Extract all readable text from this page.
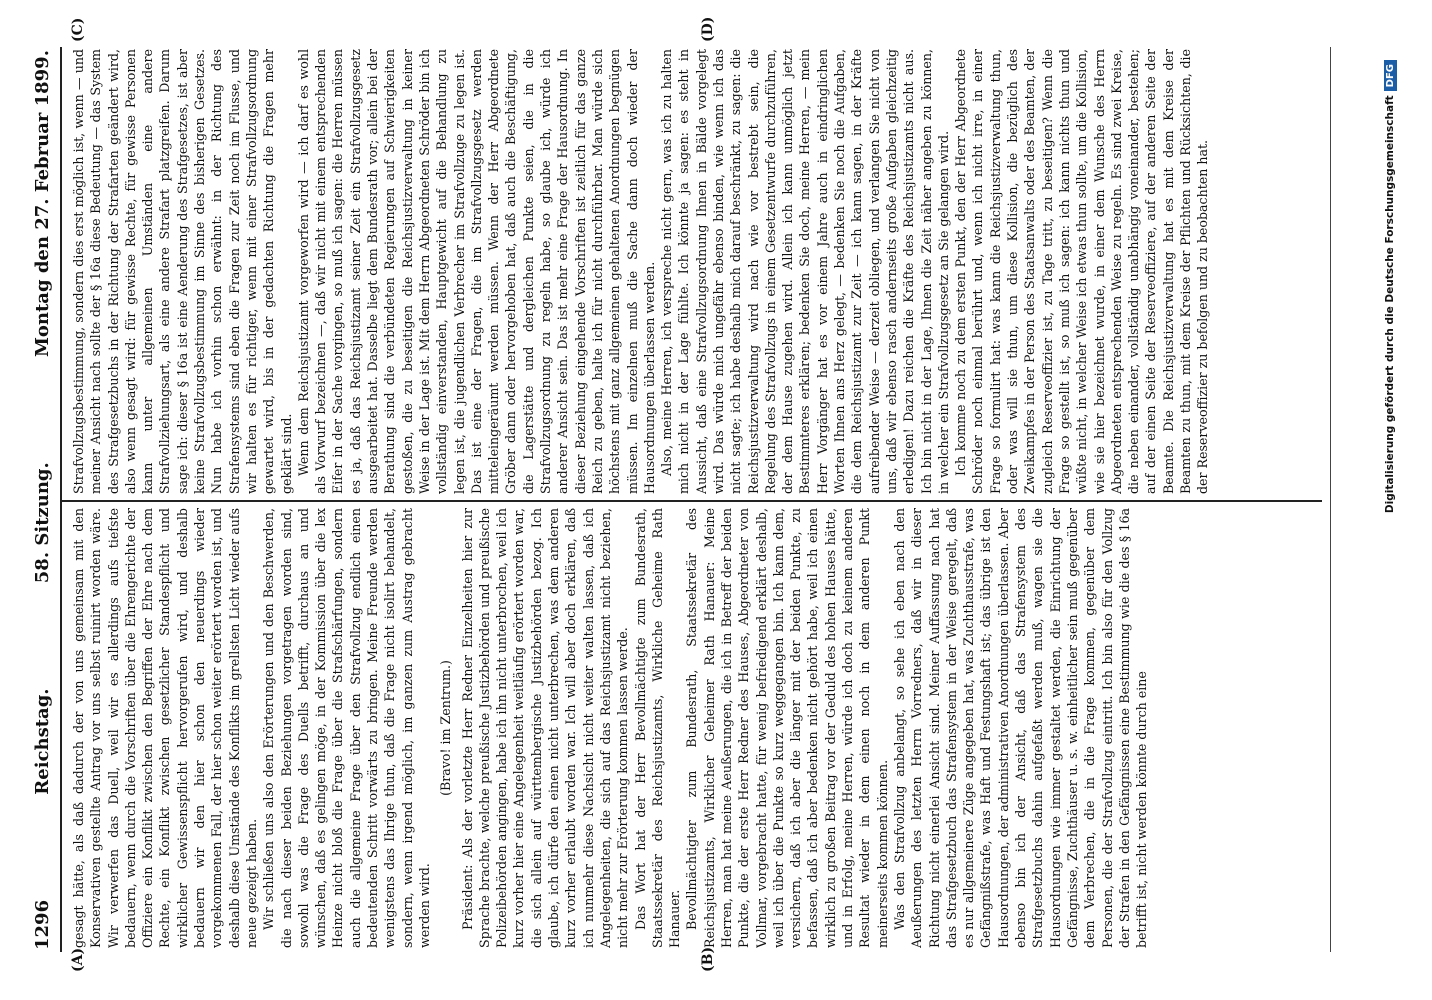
1296
Reichstag.
58. Sitzung.
Montag den 27. Februar 1899.
(A)	(B)
(C)	(D)

gesagt hätte, als daß dadurch der von uns gemeinsam mit den Konservativen gestellte Antrag vor uns selbst ruinirt worden wäre. Wir verwerfen das Duell, weil wir es allerdings aufs tiefste bedauern, wenn durch die Vorschriften über die Ehrengerichte der Offiziere ein Konflikt zwischen den Begriffen der Ehre nach dem Rechte, ein Konflikt zwischen gesetzlicher Standespflicht und wirklicher Gewissenspflicht hervorgerufen wird, und deshalb bedauern wir den hier schon den neuerdings wieder vorgekommenen Fall, der hier schon weiter erörtert worden ist, und deshalb diese Umstände des Konflikts im grellsten Licht wieder aufs neue gezeigt haben. Wir schließen uns also den Erörterungen und den Beschwerden, die nach dieser beiden Beziehungen vorgetragen worden sind, sowohl was die Frage des Duells betrifft, durchaus an und wünschen, daß es gelingen möge, in der Kommission über die lex Heinze nicht bloß die Frage über die Strafschärfungen, sondern auch die allgemeine Frage über den Strafvollzug endlich einen bedeutenden Schritt vorwärts zu bringen. Meine Freunde werden wenigstens das Ihrige thun, daß die Frage nicht isolirt behandelt, sondern, wenn irgend möglich, im ganzen zum Austrag gebracht werden wird.

(Bravo! im Zentrum.) Präsident: Als der vorletzte Herr Redner Einzelheiten hier zur Sprache brachte, welche preußische Justizbehörden und preußische Polizeibehörden angingen, habe ich ihn nicht unterbrochen, weil ich kurz vorher hier eine Angelegenheit weitläufig erörtert worden war, die sich allein auf württembergische Justizbehörden bezog. Ich glaube, ich dürfe den einen nicht unterbrechen, was dem anderen kurz vorher erlaubt worden war. Ich will aber doch erklären, daß ich nunmehr diese Nachsicht nicht weiter walten lassen, daß ich Angelegenheiten, die sich auf das Reichsjustizamt nicht beziehen, nicht mehr zur Erörterung kommen lassen werde. Das Wort hat der Herr Bevollmächtigte zum Bundesrath, Staatssekretär des Reichsjustizamts, Wirkliche Geheime Rath Hanauer. Bevollmächtigter zum Bundesrath, Staatssekretär des Reichsjustizamts, Wirklicher Geheimer Rath Hanauer: Meine Herren, man hat meine Aeußerungen, die ich in Betreff der beiden Punkte, die der erste Herr Redner des Hauses, Abgeordneter von Vollmar, vorgebracht hatte, für wenig befriedigend erklärt deshalb, weil ich über die Punkte so kurz weggegangen bin. Ich kann dem, versichern, daß ich aber die länger mit der beiden Punkte, zu befassen, daß ich aber bedenken nicht gehört habe, weil ich einen wirklich zu großen Beitrag vor der Geduld des hohen Hauses hätte, und in Erfolg, meine Herren, würde ich doch zu keinem anderen Resultat wieder in dem einen noch in dem anderen Punkt meinerseits kommen können. Was den Strafvollzug anbelangt, so sehe ich eben nach den Aeußerungen des letzten Herrn Vorredners, daß wir in dieser Richtung nicht einerlei Ansicht sind. Meiner Auffassung nach hat das Strafgesetzbuch das Strafensystem in der Weise geregelt, daß es nur allgemeinere Züge angegeben hat, was Zuchthausstrafe, was Gefängnißstrafe, was Haft und Festungshaft ist; das übrige ist den Hausordnungen, der administrativen Anordnungen überlassen. Aber ebenso bin ich der Ansicht, daß das Strafensystem des Strafgesetzbuchs dahin aufgefaßt werden muß, wagen sie die Hausordnungen wie immer gestaltet werden, die Einrichtung der Gefängnisse, Zuchthäuser u. s. w. einheitlicher sein muß gegenüber dem Verbrechen, die in die Frage kommen, gegenüber dem Personen, die der Strafvollzug eintritt. Ich bin also für den Vollzug der Strafen in den Gefängnissen eine Bestimmung wie die des § 16a betrifft ist, nicht werden könnte durch eine

Strafvollzugsbestimmung, sondern dies erst möglich ist, wenn — und meiner Ansicht nach sollte der § 16a diese Bedeutung — das System des Strafgesetzbuchs in der Richtung der Strafarten geändert wird, also wenn gesagt wird: für gewisse Rechte, für gewisse Personen kann unter allgemeinen Umständen eine andere Strafvollziehungsart, als eine andere Strafart platzgreifen. Darum sage ich: dieser § 16a ist eine Aenderung des Strafgesetzes, ist aber keine Strafvollzugsbestimmung im Sinne des bisherigen Gesetzes. Nun habe ich vorhin schon erwähnt: in der Richtung des Strafensystems sind eben die Fragen zur Zeit noch im Flusse, und wir halten es für richtiger, wenn mit einer Strafvollzugsordnung gewartet wird, bis in der gedachten Richtung die Fragen mehr geklärt sind. Wenn dem Reichsjustizamt vorgeworfen wird — ich darf es wohl als Vorwurf bezeichnen —, daß wir nicht mit einem entsprechenden Eifer in der Sache vorgingen, so muß ich sagen: die Herren müssen es ja, daß das Reichsjustizamt seiner Zeit ein Strafvollzugsgesetz ausgearbeitet hat. Dasselbe liegt dem Bundesrath vor; allein bei der Berathung sind die verbündeten Regierungen auf Schwierigkeiten gestoßen, die zu beseitigen die Reichsjustizverwaltung in keiner Weise in der Lage ist. Mit dem Herrn Abgeordneten Schröder bin ich vollständig einverstanden, Hauptgewicht auf die Behandlung zu legen ist, die jugendlichen Verbrecher im Strafvollzuge zu legen ist. Das ist eine der Fragen, die im Strafvollzugsgesetz werden mitteleingeräumt werden müssen. Wenn der Herr Abgeordnete Gröber dann oder hervorgehoben hat, daß auch die Beschäftigung, die Lagerstätte und dergleichen Punkte seien, die in die Strafvollzugsordnung zu regeln habe, so glaube ich, würde ich anderer Ansicht sein. Das ist mehr eine Frage der Hausordnung. In dieser Beziehung eingehende Vorschriften ist zeitlich für das ganze Reich zu geben, halte ich für nicht durchführbar. Man würde sich höchstens mit ganz allgemeinen gehaltenen Anordnungen begnügen müssen. Im einzelnen muß die Sache dann doch wieder der Hausordnungen überlassen werden. Also, meine Herren, ich verspreche nicht gern, was ich zu halten mich nicht in der Lage fühlte. Ich könnte ja sagen: es steht in Aussicht, daß eine Strafvollzugsordnung Ihnen in Bälde vorgelegt wird. Das würde mich ungefähr ebenso binden, wie wenn ich das nicht sagte; ich habe deshalb mich darauf beschränkt, zu sagen: die Reichsjustizverwaltung wird nach wie vor bestrebt sein, die Regelung des Strafvollzugs in einem Gesetzentwurfe durchzuführen, der dem Hause zugehen wird. Allein ich kann unmöglich jetzt Bestimmteres erklären; bedenken Sie doch, meine Herren, — mein Herr Vorgänger hat es vor einem Jahre auch in eindringlichen Worten Ihnen ans Herz gelegt, — bedenken Sie noch die Aufgaben, die dem Reichsjustizamt zur Zeit — ich kann sagen, in der Kräfte aufreibender Weise — derzeit obliegen, und verlangen Sie nicht von uns, daß wir ebenso rasch andernseits große Aufgaben gleichzeitig erledigen! Dazu reichen die Kräfte des Reichsjustizamts nicht aus. Ich bin nicht in der Lage, Ihnen die Zeit näher angeben zu können, in welcher ein Strafvollzugsgesetz an Sie gelangen wird. Ich komme noch zu dem ersten Punkt, den der Herr Abgeordnete Schröder noch einmal berührt und, wenn ich nicht irre, in einer Frage so formulirt hat: was kann die Reichsjustizverwaltung thun, oder was will sie thun, um diese Kollision, die bezüglich des Zweikampfes in der Person des Staatsanwalts oder des Beamten, der zugleich Reserveoffizier ist, zu Tage tritt, zu beseitigen? Wenn die Frage so gestellt ist, so muß ich sagen: ich kann nichts thun und wüßte nicht, in welcher Weise ich etwas thun sollte, um die Kollision, wie sie hier bezeichnet wurde, in einer dem Wunsche des Herrn Abgeordneten entsprechenden Weise zu regeln. Es sind zwei Kreise, die neben einander, vollständig unabhängig voneinander, bestehen; auf der einen Seite der Reserveoffiziere, auf der anderen Seite der Beamte. Die Reichsjustizverwaltung hat es mit dem Kreise der Beamten zu thun, mit dem Kreise der Pflichten und Rücksichten, die der Reserveoffizier zu befolgen und zu beobachten hat.	Digitalisierung gefördert durch die Deutsche ForschungsgemeinschaftDFG
